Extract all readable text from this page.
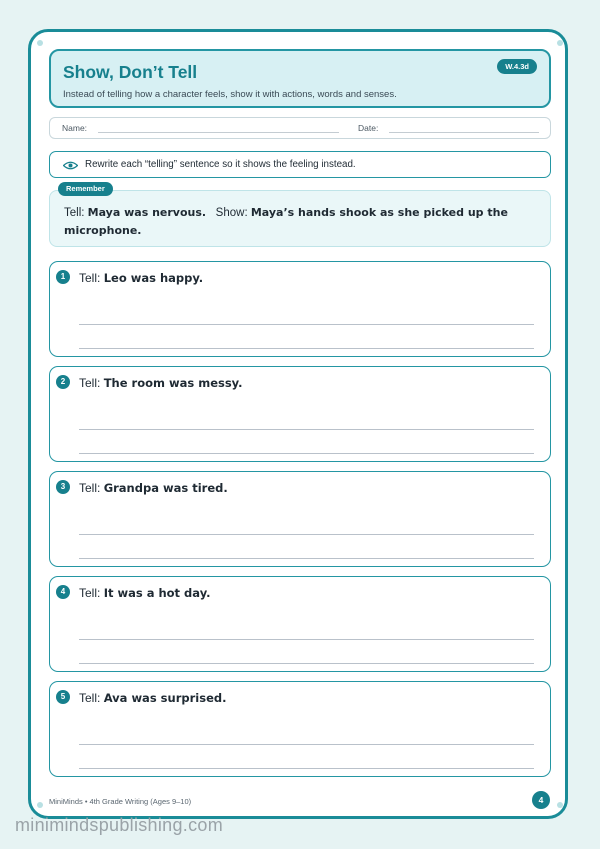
Show, Don’t Tell
Instead of telling how a character feels, show it with actions, words and senses.
W.4.3d
Name:	Date:
Rewrite each “telling” sentence so it shows the feeling instead.
Tell: Maya was nervous. Show: Maya’s hands shook as she picked up the microphone.
Remember
1	Tell: Leo was happy.
2	Tell: The room was messy.
3	Tell: Grandpa was tired.
4	Tell: It was a hot day.
5	Tell: Ava was surprised.
MiniMinds • 4th Grade Writing (Ages 9–10)	4
minimindspublishing.com
